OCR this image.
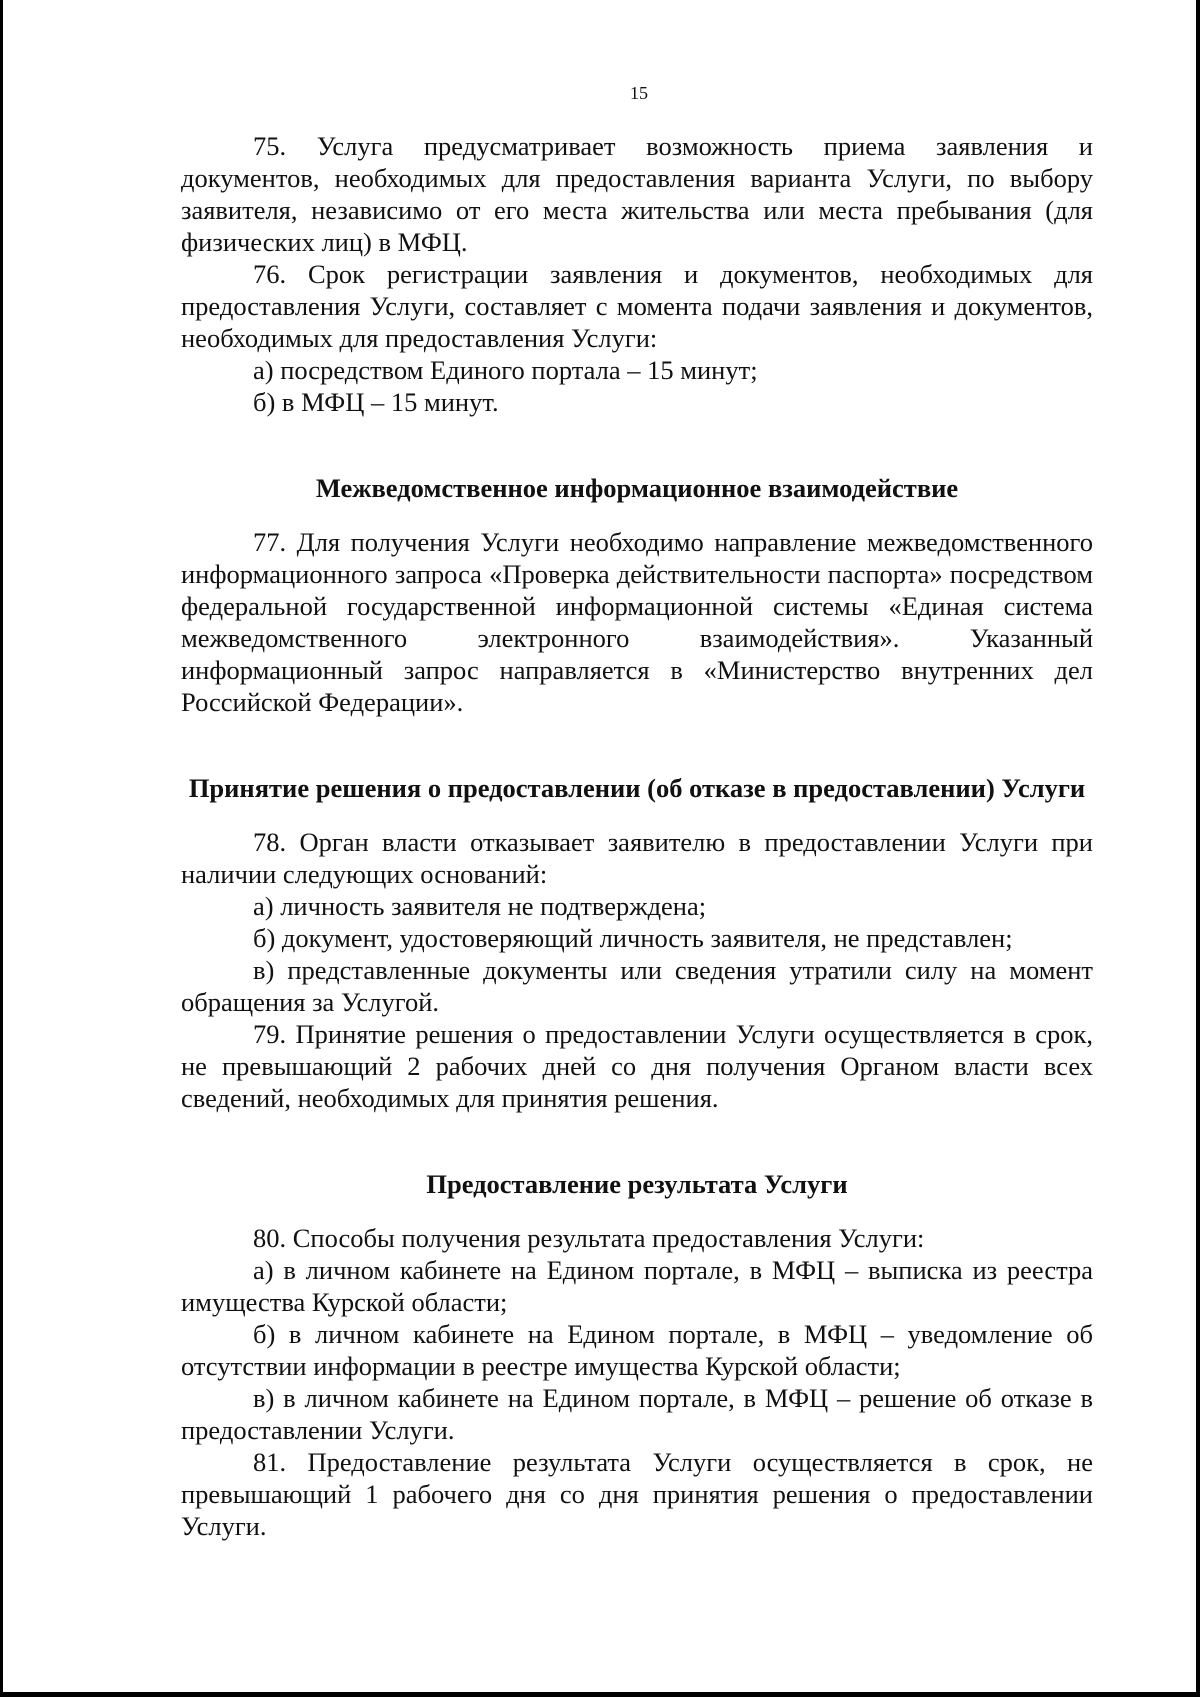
15

75. Услуга предусматривает возможность приема заявления и документов, необходимых для предоставления варианта Услуги, по выбору заявителя, независимо от его места жительства или места пребывания (для физических лиц) в МФЦ.

76. Срок регистрации заявления и документов, необходимых для предоставления Услуги, составляет с момента подачи заявления и документов, необходимых для предоставления Услуги:

а) посредством Единого портала – 15 минут;

б) в МФЦ – 15 минут.

Межведомственное информационное взаимодействие

77. Для получения Услуги необходимо направление межведомственного информационного запроса «Проверка действительности паспорта» посредством федеральной государственной информационной системы «Единая система межведомственного электронного взаимодействия». Указанный информационный запрос направляется в «Министерство внутренних дел Российской Федерации».

Принятие решения о предоставлении (об отказе в предоставлении) Услуги

78. Орган власти отказывает заявителю в предоставлении Услуги при наличии следующих оснований:

а) личность заявителя не подтверждена;

б) документ, удостоверяющий личность заявителя, не представлен;

в) представленные документы или сведения утратили силу на момент обращения за Услугой.

79. Принятие решения о предоставлении Услуги осуществляется в срок, не превышающий 2 рабочих дней со дня получения Органом власти всех сведений, необходимых для принятия решения.

Предоставление результата Услуги

80. Способы получения результата предоставления Услуги:

а) в личном кабинете на Едином портале, в МФЦ – выписка из реестра имущества Курской области;

б) в личном кабинете на Едином портале, в МФЦ – уведомление об отсутствии информации в реестре имущества Курской области;

в) в личном кабинете на Едином портале, в МФЦ – решение об отказе в предоставлении Услуги.

81. Предоставление результата Услуги осуществляется в срок, не превышающий 1 рабочего дня со дня принятия решения о предоставлении Услуги.
